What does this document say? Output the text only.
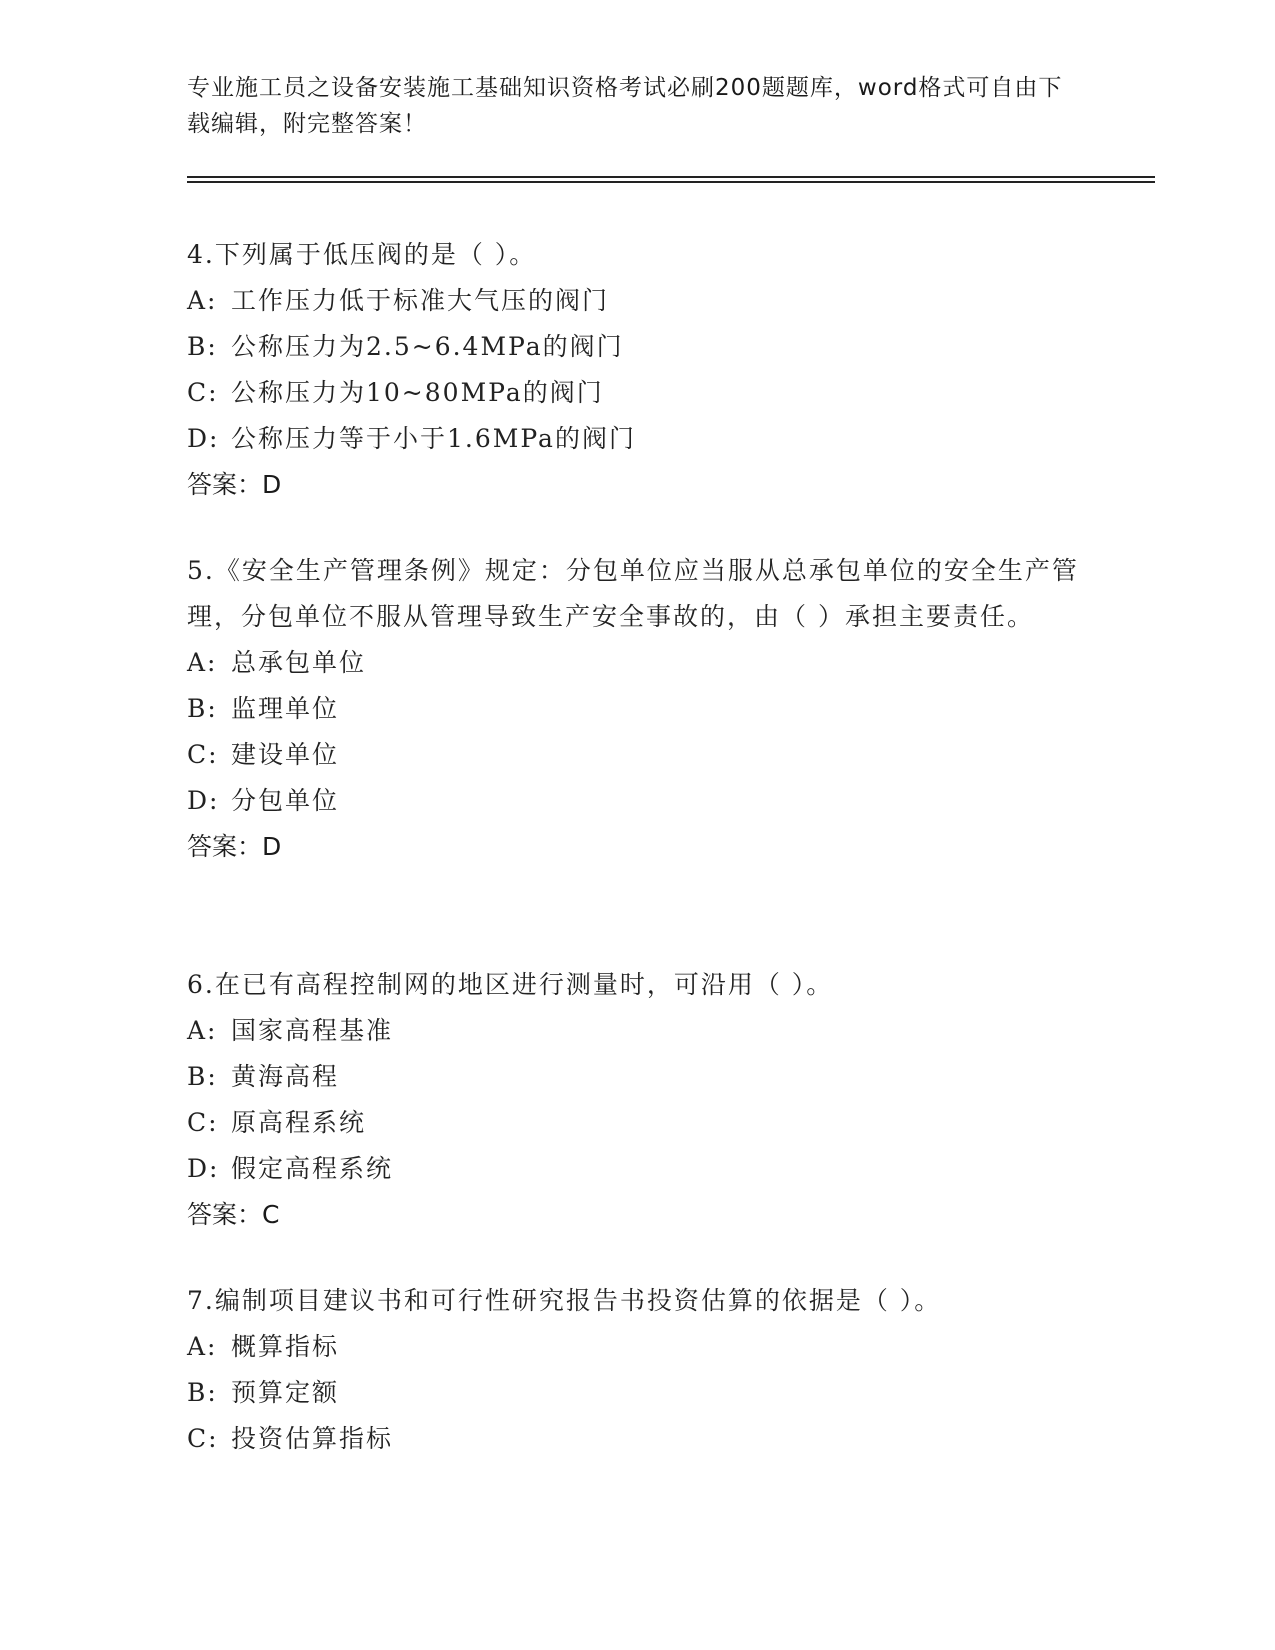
专业施工员之设备安装施工基础知识资格考试必刷200题题库，word格式可自由下载编辑，附完整答案！

4.下列属于低压阀的是（ ）。

A: 工作压力低于标准大气压的阀门

B: 公称压力为2.5~6.4MPa的阀门

C: 公称压力为10~80MPa的阀门

D: 公称压力等于小于1.6MPa的阀门

答案：D

5.《安全生产管理条例》规定：分包单位应当服从总承包单位的安全生产管理，分包单位不服从管理导致生产安全事故的，由（ ）承担主要责任。

A: 总承包单位

B: 监理单位

C: 建设单位

D: 分包单位

答案：D

6.在已有高程控制网的地区进行测量时，可沿用（ ）。

A: 国家高程基准

B: 黄海高程

C: 原高程系统

D: 假定高程系统

答案：C

7.编制项目建议书和可行性研究报告书投资估算的依据是（ ）。

A: 概算指标

B: 预算定额

C: 投资估算指标
